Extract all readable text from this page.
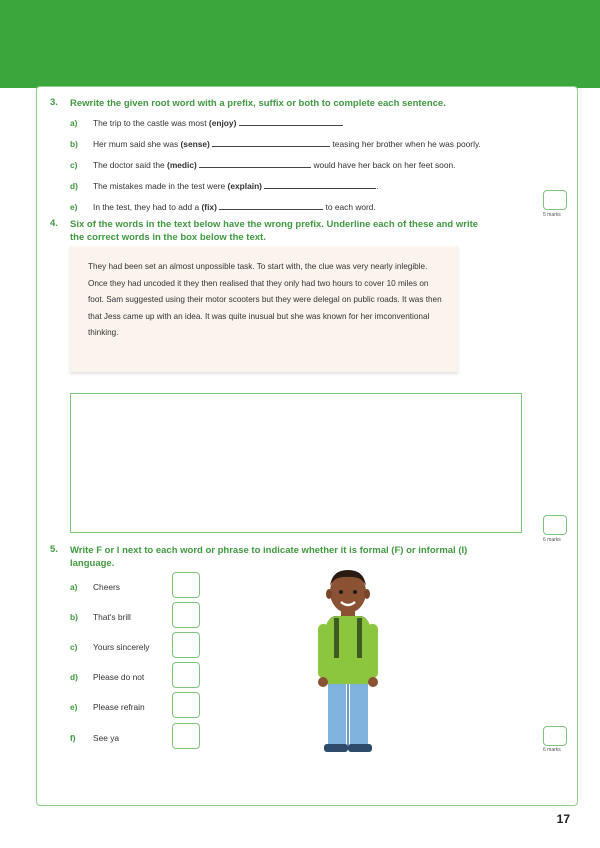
3. Rewrite the given root word with a prefix, suffix or both to complete each sentence.
a) The trip to the castle was most (enjoy)
b) Her mum said she was (sense)	teasing her brother when he was poorly.
c) The doctor said the (medic)	would have her back on her feet soon.
d) The mistakes made in the test were (explain)	.
e) In the test, they had to add a (fix)	to each word.
5 marks
4. Six of the words in the text below have the wrong prefix. Underline each of these and write the correct words in the box below the text.

They had been set an almost unpossible task. To start with, the clue was very nearly inlegible. Once they had uncoded it they then realised that they only had two hours to cover 10 miles on foot. Sam suggested using their motor scooters but they were delegal on public roads. It was then that Jess came up with an idea. It was quite inusual but she was known for her imconventional thinking.

6 marks
5. Write F or I next to each word or phrase to indicate whether it is formal (F) or informal (I) language.
a) Cheers
b) That's brill
c) Yours sincerely
d) Please do not
e) Please refrain
f) See ya
6 marks
17
